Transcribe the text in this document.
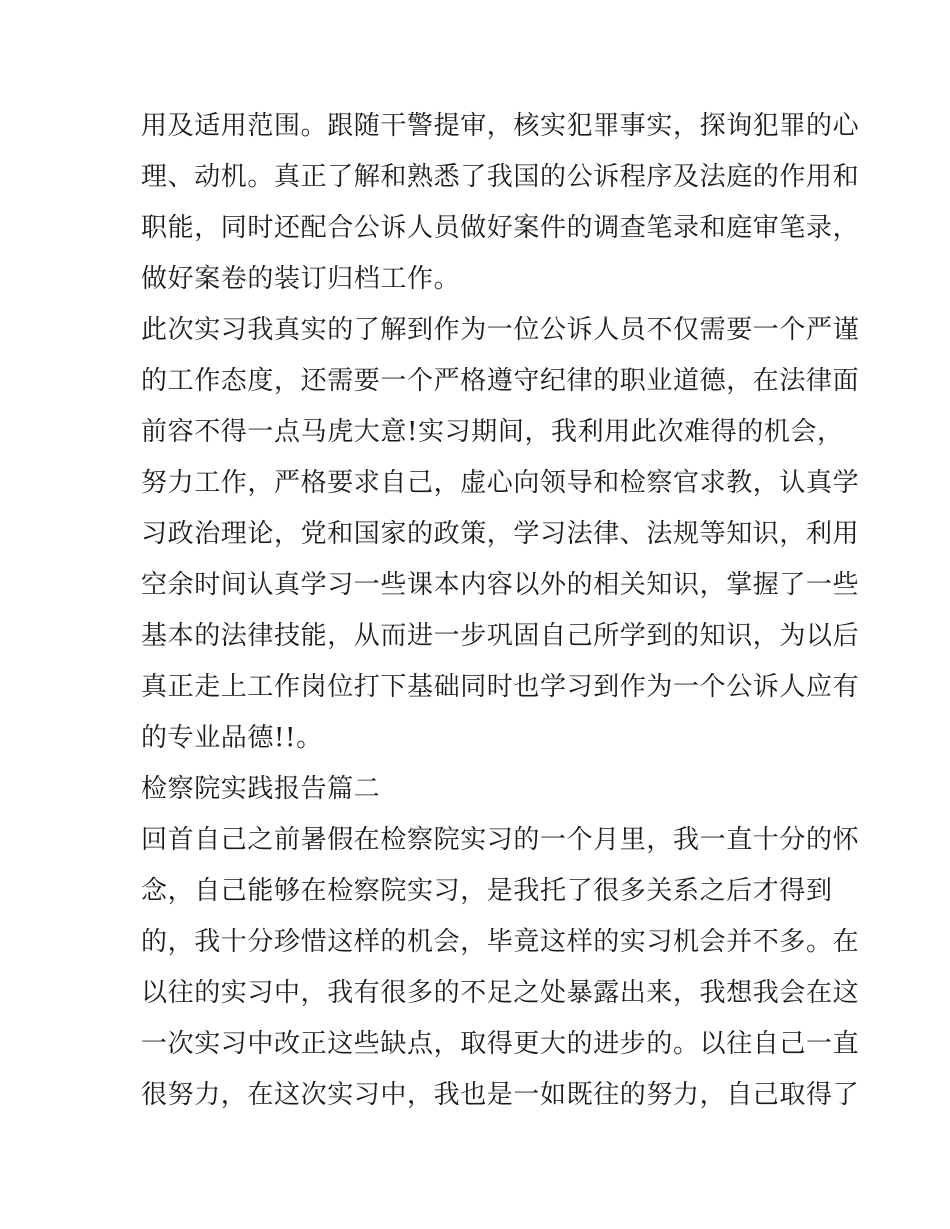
用及适用范围。跟随干警提审，核实犯罪事实，探询犯罪的心
理、动机。真正了解和熟悉了我国的公诉程序及法庭的作用和
职能，同时还配合公诉人员做好案件的调查笔录和庭审笔录，
做好案卷的装订归档工作。
此次实习我真实的了解到作为一位公诉人员不仅需要一个严谨
的工作态度，还需要一个严格遵守纪律的职业道德，在法律面
前容不得一点马虎大意!实习期间，我利用此次难得的机会，
努力工作，严格要求自己，虚心向领导和检察官求教，认真学
习政治理论，党和国家的政策，学习法律、法规等知识，利用
空余时间认真学习一些课本内容以外的相关知识，掌握了一些
基本的法律技能，从而进一步巩固自己所学到的知识，为以后
真正走上工作岗位打下基础同时也学习到作为一个公诉人应有
的专业品德!!。
检察院实践报告篇二
回首自己之前暑假在检察院实习的一个月里，我一直十分的怀
念，自己能够在检察院实习，是我托了很多关系之后才得到
的，我十分珍惜这样的机会，毕竟这样的实习机会并不多。在
以往的实习中，我有很多的不足之处暴露出来，我想我会在这
一次实习中改正这些缺点，取得更大的进步的。以往自己一直
很努力，在这次实习中，我也是一如既往的努力，自己取得了
